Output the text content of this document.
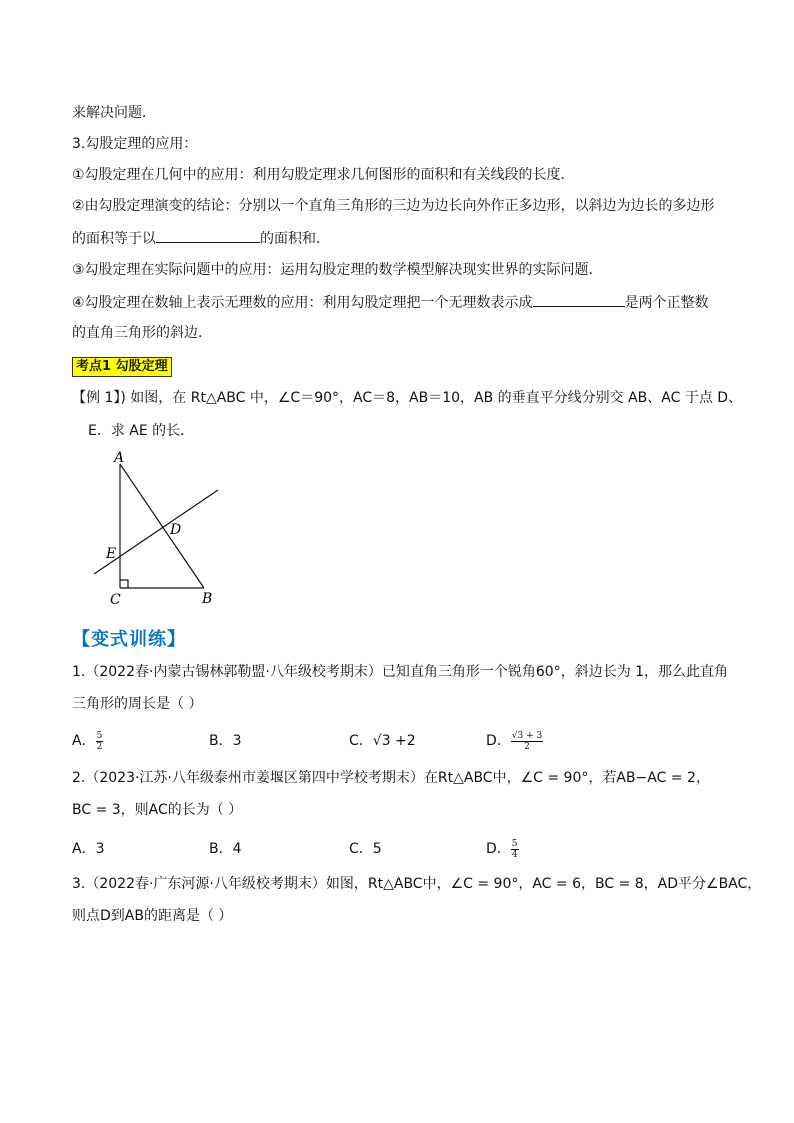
来解决问题．
3.勾股定理的应用：
①勾股定理在几何中的应用：利用勾股定理求几何图形的面积和有关线段的长度．
②由勾股定理演变的结论：分别以一个直角三角形的三边为边长向外作正多边形，以斜边为边长的多边形
的面积等于以	的面积和．
③勾股定理在实际问题中的应用：运用勾股定理的数学模型解决现实世界的实际问题．
④勾股定理在数轴上表示无理数的应用：利用勾股定理把一个无理数表示成	是两个正整数
的直角三角形的斜边．
考点1 勾股定理
【例 1】) 如图，在 Rt△ABC 中，∠C＝90°，AC＝8，AB＝10，AB 的垂直平分线分别交 AB、AC 于点 D、
E．求 AE 的长．
A
B
C
D
E
【变式训练】
1.（2022春·内蒙古锡林郭勒盟·八年级校考期末）已知直角三角形一个锐角60°，斜边长为 1，那么此直角
三角形的周长是（ ）
A． $\frac{5}{2}$	B．3	C．√3 +2	D． $\frac{√3 + 3}{2}$
2.（2023·江苏·八年级泰州市姜堰区第四中学校考期末）在Rt△ABC中，∠C = 90°，若AB−AC = 2，
BC = 3，则AC的长为（ ）
A．3	B．4	C．5	D． $\frac{5}{4}$
3.（2022春·广东河源·八年级校考期末）如图，Rt△ABC中，∠C = 90°，AC = 6，BC = 8，AD平分∠BAC，
则点D到AB的距离是（ ）
